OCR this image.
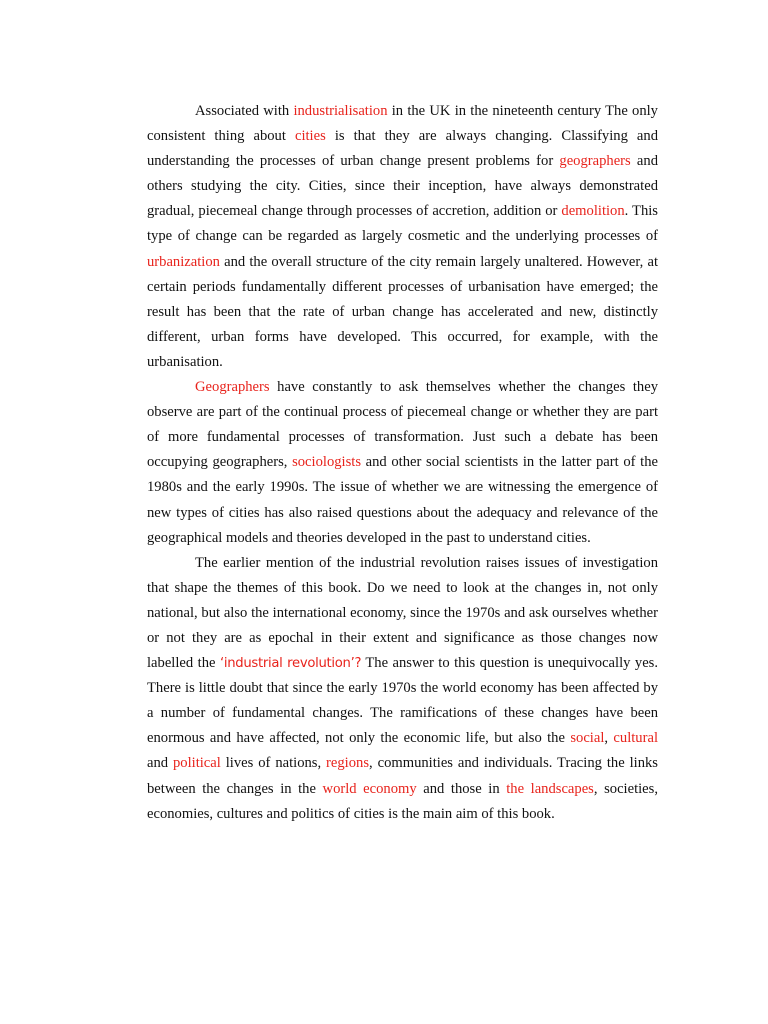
Associated with industrialisation in the UK in the nineteenth century The only consistent thing about cities is that they are always changing. Classifying and understanding the processes of urban change present problems for geographers and others studying the city. Cities, since their inception, have always demonstrated gradual, piecemeal change through processes of accretion, addition or demolition. This type of change can be regarded as largely cosmetic and the underlying processes of urbanization and the overall structure of the city remain largely unaltered. However, at certain periods fundamentally different processes of urbanisation have emerged; the result has been that the rate of urban change has accelerated and new, distinctly different, urban forms have developed. This occurred, for example, with the urbanisation.

Geographers have constantly to ask themselves whether the changes they observe are part of the continual process of piecemeal change or whether they are part of more fundamental processes of transformation. Just such a debate has been occupying geographers, sociologists and other social scientists in the latter part of the 1980s and the early 1990s. The issue of whether we are witnessing the emergence of new types of cities has also raised questions about the adequacy and relevance of the geographical models and theories developed in the past to understand cities.

The earlier mention of the industrial revolution raises issues of investigation that shape the themes of this book. Do we need to look at the changes in, not only national, but also the international economy, since the 1970s and ask ourselves whether or not they are as epochal in their extent and significance as those changes now labelled the ‘industrial revolution’? The answer to this question is unequivocally yes. There is little doubt that since the early 1970s the world economy has been affected by a number of fundamental changes. The ramifications of these changes have been enormous and have affected, not only the economic life, but also the social, cultural and political lives of nations, regions, communities and individuals. Tracing the links between the changes in the world economy and those in the landscapes, societies, economies, cultures and politics of cities is the main aim of this book.
